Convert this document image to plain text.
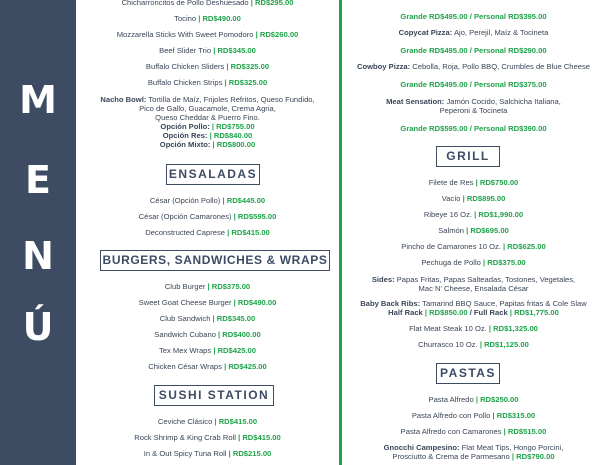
M
E
N
Ú
Chicharroncitos de Pollo Deshuesado | RD$295.00
Tocino | RD$490.00
Mozzarella Sticks With Sweet Pomodoro | RD$260.00
Beef Slider Trio | RD$345.00
Buffalo Chicken Sliders | RD$325.00
Buffalo Chicken Strips | RD$325.00
Nacho Bowl: Tortilla de Maíz, Frijoles Refritos, Queso Fundido,
Pico de Gallo, Guacamole, Crema Agria,
Queso Cheddar & Puerro Fino.
Opción Pollo: | RD$755.00
Opción Res: | RD$840.00
Opción Mixto: | RD$800.00
ENSALADAS
César (Opción Pollo) | RD$445.00
César (Opción Camarones) | RD$595.00
Deconstructed Caprese | RD$415.00
BURGERS, SANDWICHES & WRAPS
Club Burger | RD$375.00
Sweet Goat Cheese Burger | RD$490.00
Club Sandwich | RD$345.00
Sandwich Cubano | RD$400.00
Tex Mex Wraps | RD$425.00
Chicken César Wraps | RD$425.00
SUSHI STATION
Ceviche Clásico | RD$415.00
Rock Shrimp & King Crab Roll | RD$415.00
In & Out Spicy Tuna Roll | RD$215.00
Grande RD$495.00 / Personal RD$395.00
Copycat Pizza: Ajo, Perejil, Maíz & Tocineta
Grande RD$495.00 / Personal RD$290.00
Cowboy Pizza: Cebolla, Roja, Pollo BBQ, Crumbles de Blue Cheese
Grande RD$495.00 / Personal RD$375.00
Meat Sensation: Jamón Cocido, Salchicha Italiana,
Peperoni & Tocineta
Grande RD$595.00 / Personal RD$390.00
GRILL
Filete de Res | RD$750.00
Vacío | RD$895.00
Ribeye 16 Oz. | RD$1,990.00
Salmón | RD$695.00
Pincho de Camarones 10 Oz. | RD$625.00
Pechuga de Pollo | RD$375.00
Sides: Papas Fritas, Papas Salteadas, Tostones, Vegetales,
Mac N' Cheese, Ensalada César
Baby Back Ribs: Tamarind BBQ Sauce, Papitas fritas & Cole Slaw
Half Rack | RD$850.00 / Full Rack | RD$1,775.00
Flat Meat Steak 10 Oz. | RD$1,325.00
Churrasco 10 Oz. | RD$1,125.00
PASTAS
Pasta Alfredo | RD$250.00
Pasta Alfredo con Pollo | RD$315.00
Pasta Alfredo con Camarones | RD$515.00
Gnocchi Campesino: Flat Meat Tips, Hongo Porcini,
Prosciutto & Crema de Parmesano | RD$790.00
